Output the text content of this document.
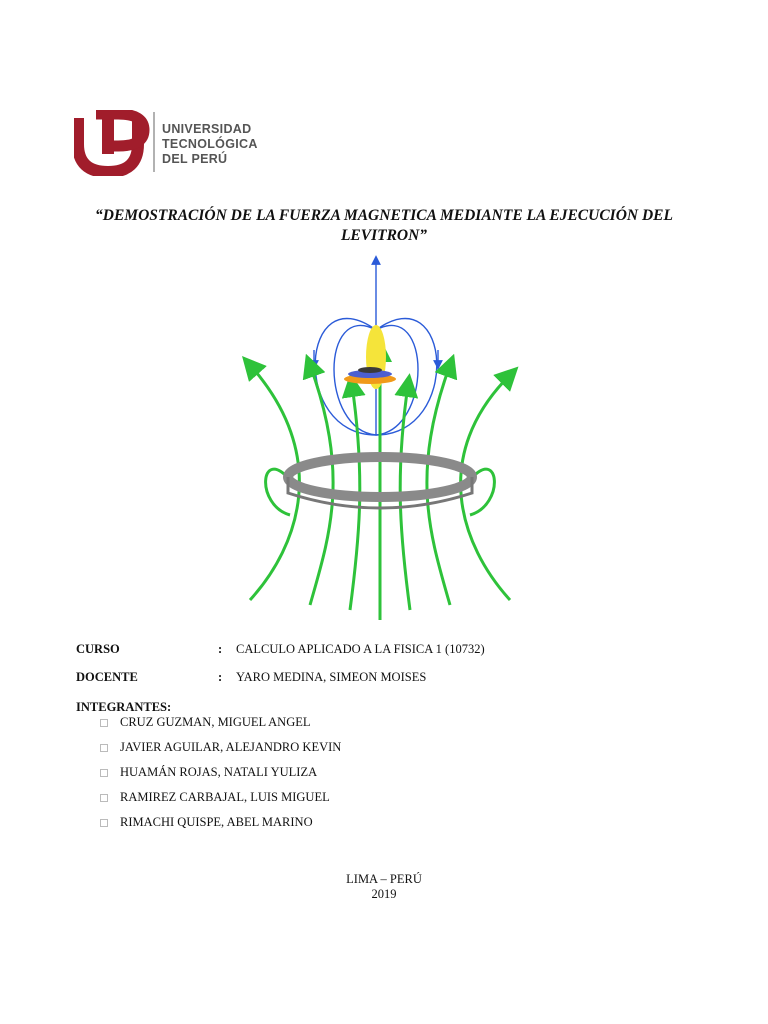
UNIVERSIDAD
TECNOLÓGICA
DEL PERÚ
“DEMOSTRACIÓN DE LA FUERZA MAGNETICA MEDIANTE LA EJECUCIÓN DEL
LEVITRON”
CURSO	: CALCULO APLICADO A LA FISICA 1 (10732)
DOCENTE	: YARO MEDINA, SIMEON MOISES
INTEGRANTES:
CRUZ GUZMAN, MIGUEL ANGEL
JAVIER AGUILAR, ALEJANDRO KEVIN
HUAMÁN ROJAS, NATALI YULIZA
RAMIREZ CARBAJAL, LUIS MIGUEL
RIMACHI QUISPE, ABEL MARINO
LIMA – PERÚ
2019
